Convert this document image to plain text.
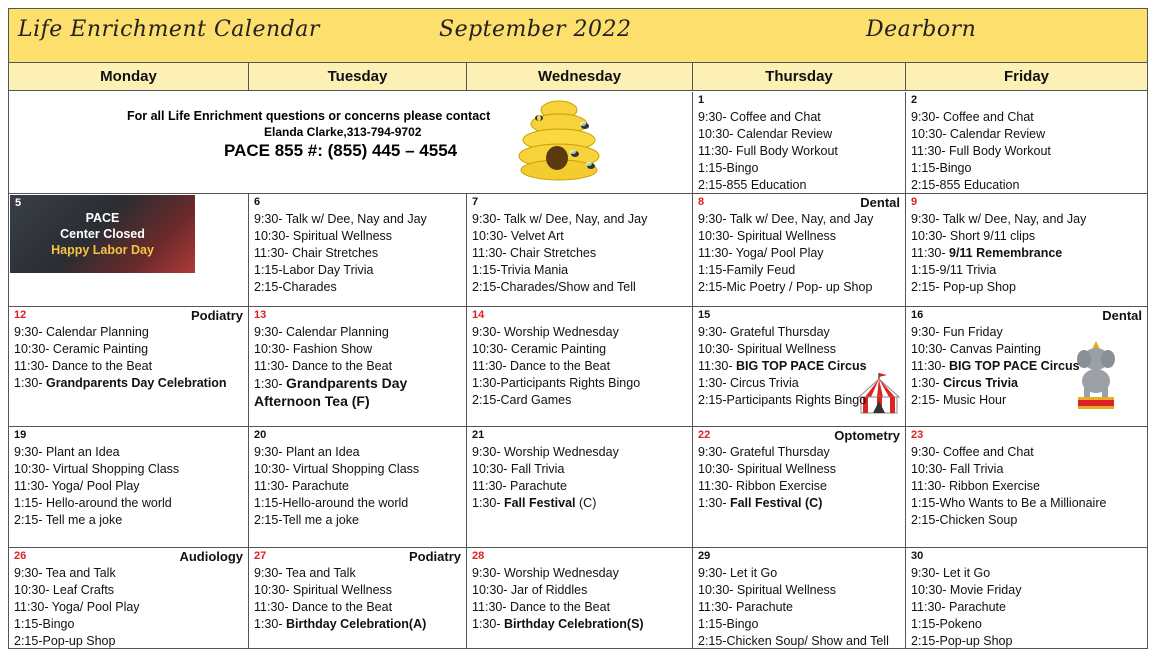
Life Enrichment Calendar	September 2022	Dearborn
Monday	Tuesday	Wednesday	Thursday	Friday
For all Life Enrichment questions or concerns please contact
Elanda Clarke,313-794-9702
PACE 855 #: (855) 445 – 4554
1
9:30- Coffee and Chat
10:30- Calendar Review
11:30- Full Body Workout
1:15-Bingo
2:15-855 Education
2
9:30- Coffee and Chat
10:30- Calendar Review
11:30- Full Body Workout
1:15-Bingo
2:15-855 Education
5
PACE
Center Closed
Happy Labor Day
6
9:30- Talk w/ Dee, Nay and Jay
10:30- Spiritual Wellness
11:30- Chair Stretches
1:15-Labor Day Trivia
2:15-Charades
7
9:30- Talk w/ Dee, Nay, and Jay
10:30- Velvet Art
11:30- Chair Stretches
1:15-Trivia Mania
2:15-Charades/Show and Tell
8	Dental
9:30- Talk w/ Dee, Nay, and Jay
10:30- Spiritual Wellness
11:30- Yoga/ Pool Play
1:15-Family Feud
2:15-Mic Poetry / Pop- up Shop
9
9:30- Talk w/ Dee, Nay, and Jay
10:30- Short 9/11 clips
11:30- 9/11 Remembrance
1:15-9/11 Trivia
2:15- Pop-up Shop
12	Podiatry
9:30- Calendar Planning
10:30- Ceramic Painting
11:30- Dance to the Beat
1:30- Grandparents Day Celebration
13
9:30- Calendar Planning
10:30- Fashion Show
11:30- Dance to the Beat
1:30- Grandparents Day
Afternoon Tea (F)
14
9:30- Worship Wednesday
10:30- Ceramic Painting
11:30- Dance to the Beat
1:30-Participants Rights Bingo
2:15-Card Games
15
9:30- Grateful Thursday
10:30- Spiritual Wellness
11:30- BIG TOP PACE Circus
1:30- Circus Trivia
2:15-Participants Rights Bingo
16	Dental
9:30- Fun Friday
10:30- Canvas Painting
11:30- BIG TOP PACE Circus
1:30- Circus Trivia
2:15- Music Hour
19
9:30- Plant an Idea
10:30- Virtual Shopping Class
11:30- Yoga/ Pool Play
1:15- Hello-around the world
2:15- Tell me a joke
20
9:30- Plant an Idea
10:30- Virtual Shopping Class
11:30- Parachute
1:15-Hello-around the world
2:15-Tell me a joke
21
9:30- Worship Wednesday
10:30- Fall Trivia
11:30- Parachute
1:30- Fall Festival (C)
22	Optometry
9:30- Grateful Thursday
10:30- Spiritual Wellness
11:30- Ribbon Exercise
1:30- Fall Festival (C)
23
9:30- Coffee and Chat
10:30- Fall Trivia
11:30- Ribbon Exercise
1:15-Who Wants to Be a Millionaire
2:15-Chicken Soup
26	Audiology
9:30- Tea and Talk
10:30- Leaf Crafts
11:30- Yoga/ Pool Play
1:15-Bingo
2:15-Pop-up Shop
27	Podiatry
9:30- Tea and Talk
10:30- Spiritual Wellness
11:30- Dance to the Beat
1:30- Birthday Celebration(A)
28
9:30- Worship Wednesday
10:30- Jar of Riddles
11:30- Dance to the Beat
1:30- Birthday Celebration(S)
29
9:30- Let it Go
10:30- Spiritual Wellness
11:30- Parachute
1:15-Bingo
2:15-Chicken Soup/ Show and Tell
30
9:30- Let it Go
10:30- Movie Friday
11:30- Parachute
1:15-Pokeno
2:15-Pop-up Shop
